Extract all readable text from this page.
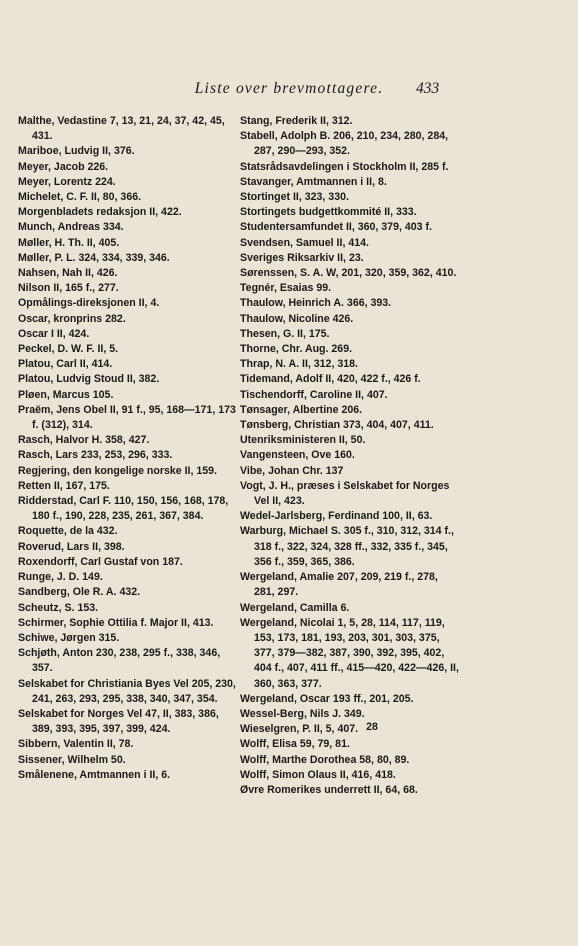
Liste over brevmottagere.	433

Malthe, Vedastine 7, 13, 21, 24, 37, 42, 45, 431.

Mariboe, Ludvig II, 376.

Meyer, Jacob 226.

Meyer, Lorentz 224.

Michelet, C. F. II, 80, 366.

Morgenbladets redaksjon II, 422.

Munch, Andreas 334.

Møller, H. Th. II, 405.

Møller, P. L. 324, 334, 339, 346.

Nahsen, Nah II, 426.

Nilson II, 165 f., 277.

Opmålings-direksjonen II, 4.

Oscar, kronprins 282.

Oscar I II, 424.

Peckel, D. W. F. II, 5.

Platou, Carl II, 414.

Platou, Ludvig Stoud II, 382.

Pløen, Marcus 105.

Praëm, Jens Obel II, 91 f., 95, 168—171, 173 f. (312), 314.

Rasch, Halvor H. 358, 427.

Rasch, Lars 233, 253, 296, 333.

Regjering, den kongelige norske II, 159.

Retten II, 167, 175.

Ridderstad, Carl F. 110, 150, 156, 168, 178, 180 f., 190, 228, 235, 261, 367, 384.

Roquette, de la 432.

Roverud, Lars II, 398.

Roxendorff, Carl Gustaf von 187.

Runge, J. D. 149.

Sandberg, Ole R. A. 432.

Scheutz, S. 153.

Schirmer, Sophie Ottilia f. Major II, 413.

Schiwe, Jørgen 315.

Schjøth, Anton 230, 238, 295 f., 338, 346, 357.

Selskabet for Christiania Byes Vel 205, 230, 241, 263, 293, 295, 338, 340, 347, 354.

Selskabet for Norges Vel 47, II, 383, 386, 389, 393, 395, 397, 399, 424.

Sibbern, Valentin II, 78.

Sissener, Wilhelm 50.

Smålenene, Amtmannen i II, 6.

Stang, Frederik II, 312.

Stabell, Adolph B. 206, 210, 234, 280, 284, 287, 290—293, 352.

Statsrådsavdelingen i Stockholm II, 285 f.

Stavanger, Amtmannen i II, 8.

Stortinget II, 323, 330.

Stortingets budgettkommité II, 333.

Studentersamfundet II, 360, 379, 403 f.

Svendsen, Samuel II, 414.

Sveriges Riksarkiv II, 23.

Sørenssen, S. A. W, 201, 320, 359, 362, 410.

Tegnér, Esaias 99.

Thaulow, Heinrich A. 366, 393.

Thaulow, Nicoline 426.

Thesen, G. II, 175.

Thorne, Chr. Aug. 269.

Thrap, N. A. II, 312, 318.

Tidemand, Adolf II, 420, 422 f., 426 f.

Tischendorff, Caroline II, 407.

Tønsager, Albertine 206.

Tønsberg, Christian 373, 404, 407, 411.

Utenriksministeren II, 50.

Vangensteen, Ove 160.

Vibe, Johan Chr. 137

Vogt, J. H., præses i Selskabet for Norges Vel II, 423.

Wedel-Jarlsberg, Ferdinand 100, II, 63.

Warburg, Michael S. 305 f., 310, 312, 314 f., 318 f., 322, 324, 328 ff., 332, 335 f., 345, 356 f., 359, 365, 386.

Wergeland, Amalie 207, 209, 219 f., 278, 281, 297.

Wergeland, Camilla 6.

Wergeland, Nicolai 1, 5, 28, 114, 117, 119, 153, 173, 181, 193, 203, 301, 303, 375, 377, 379—382, 387, 390, 392, 395, 402, 404 f., 407, 411 ff., 415—420, 422—426, II, 360, 363, 377.

Wergeland, Oscar 193 ff., 201, 205.

Wessel-Berg, Nils J. 349.

Wieselgren, P. II, 5, 407.

Wolff, Elisa 59, 79, 81.

Wolff, Marthe Dorothea 58, 80, 89.

Wolff, Simon Olaus II, 416, 418.

Øvre Romerikes underrett II, 64, 68.

28
